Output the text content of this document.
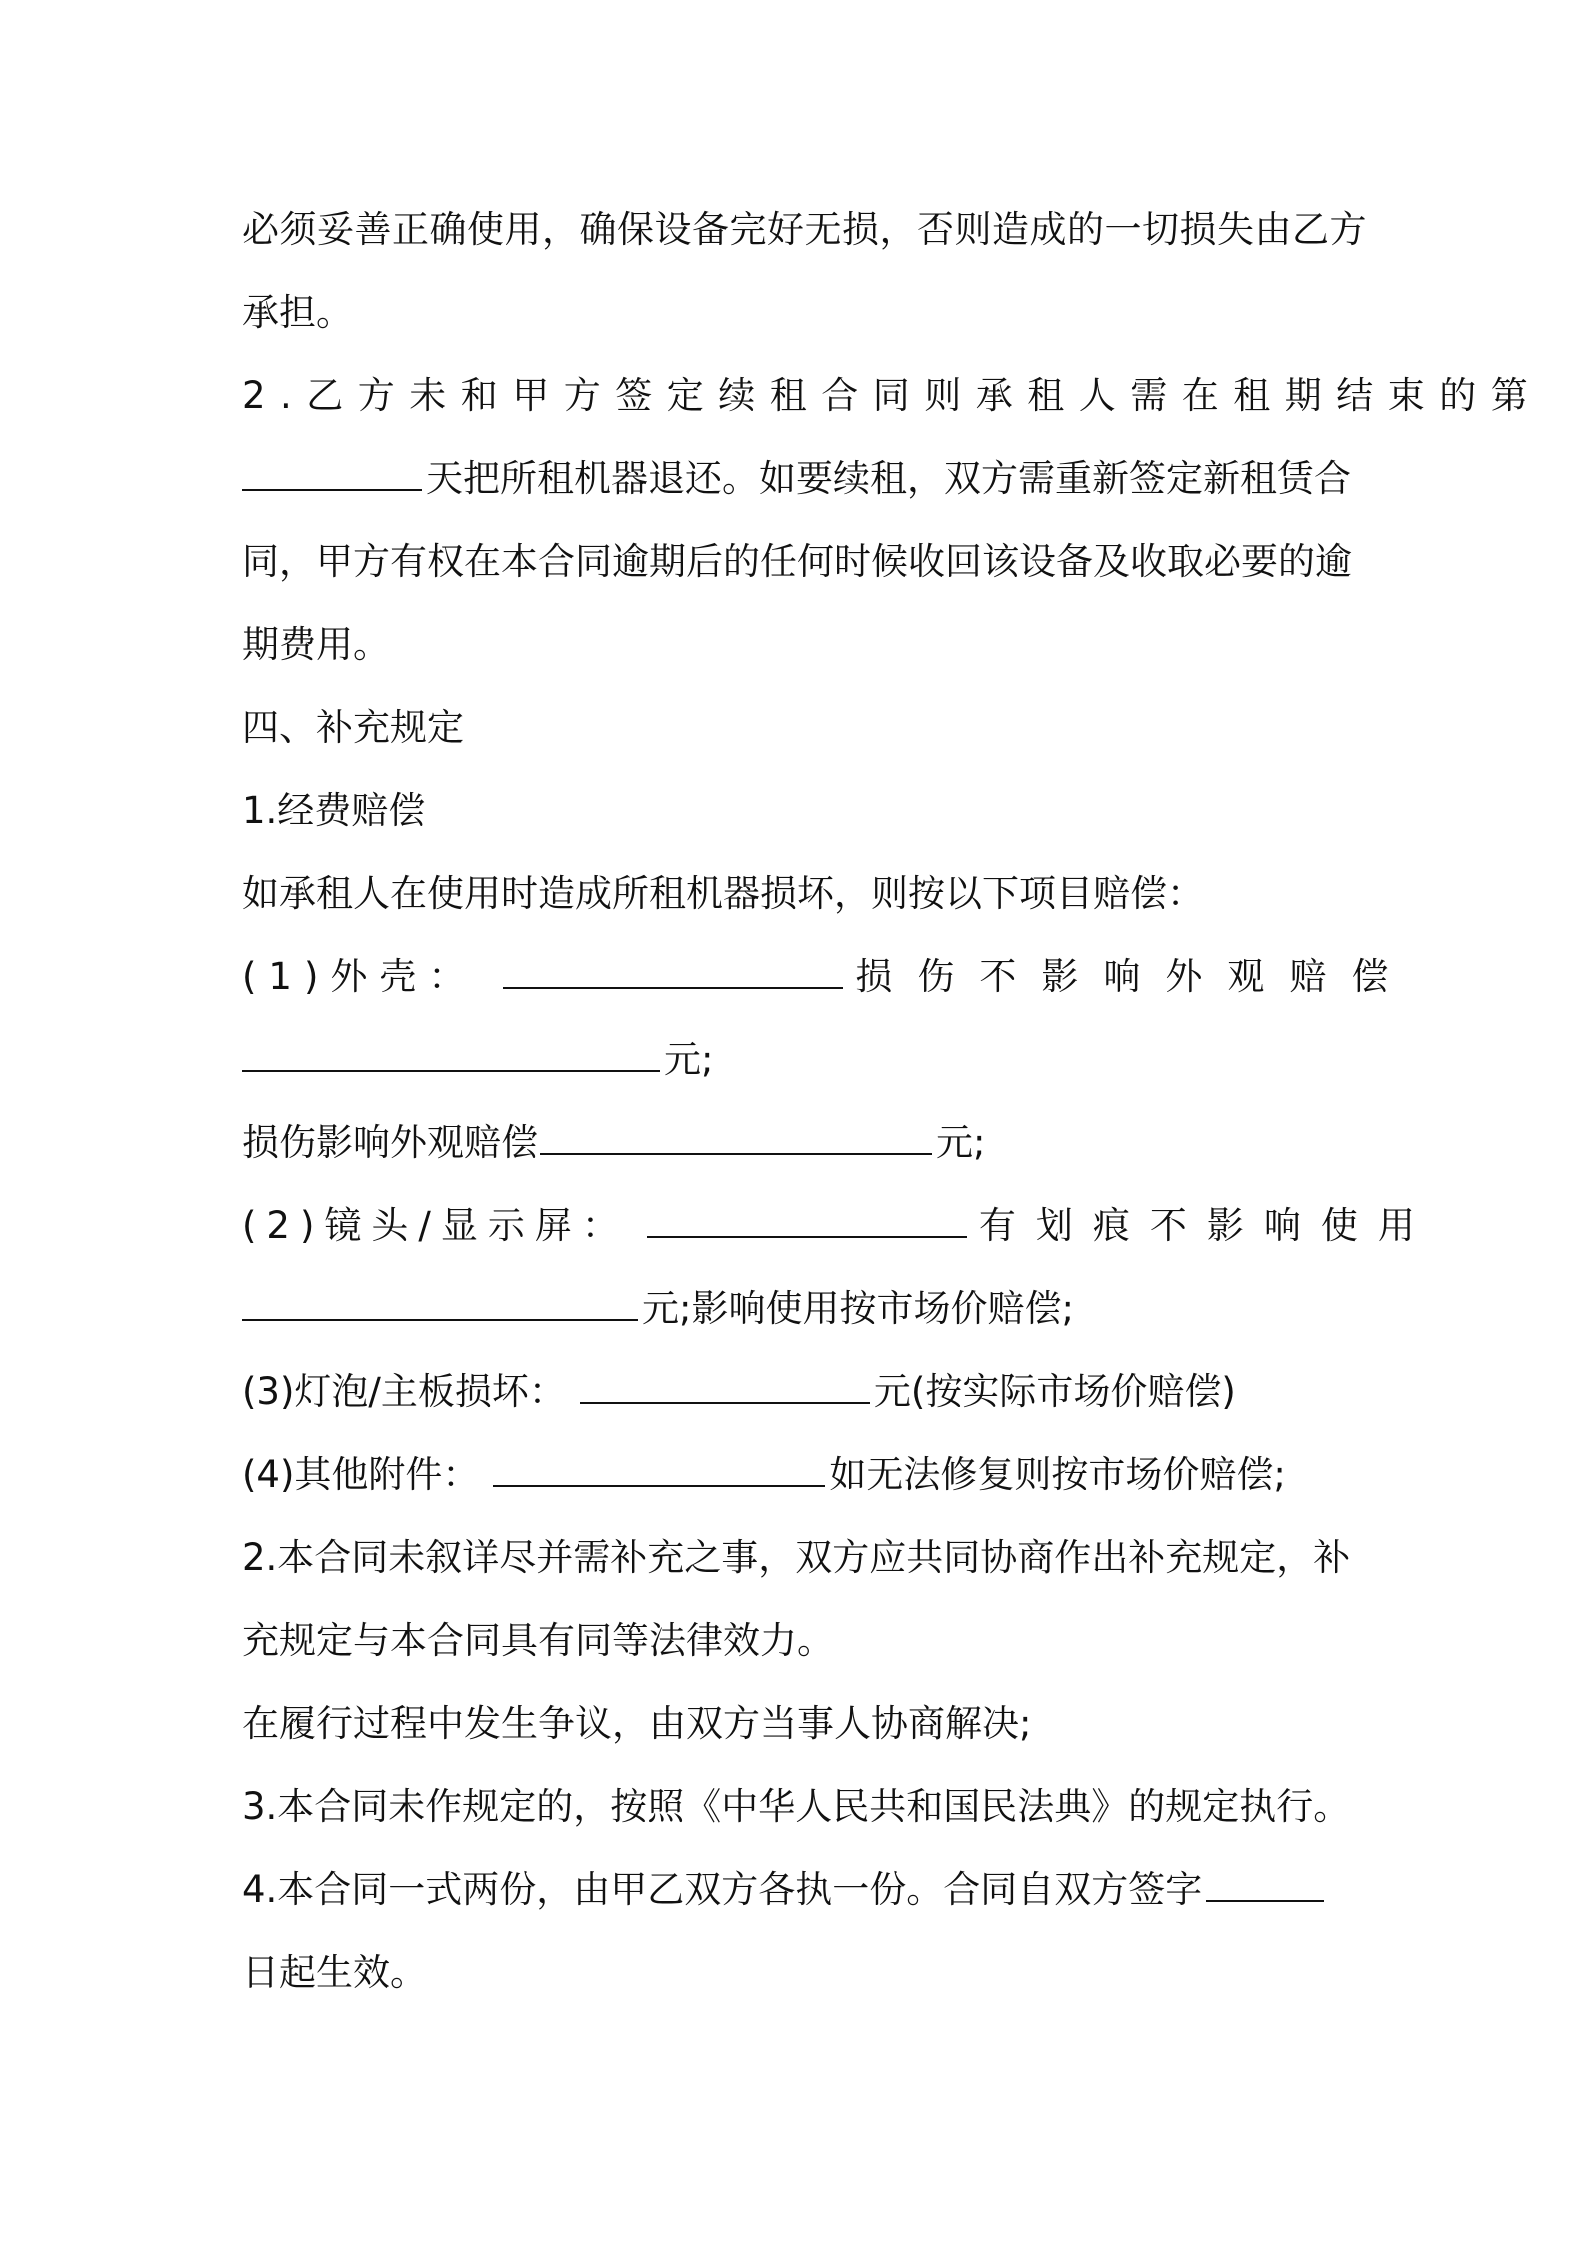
必须妥善正确使用，确保设备完好无损，否则造成的一切损失由乙方
承担。
2.乙方未和甲方签定续租合同则承租人需在租期结束的第
天把所租机器退还。如要续租，双方需重新签定新租赁合
同，甲方有权在本合同逾期后的任何时候收回该设备及收取必要的逾
期费用。
四、补充规定
1.经费赔偿
如承租人在使用时造成所租机器损坏，则按以下项目赔偿：
(1)外壳：	损伤不影响外观赔偿
元;
损伤影响外观赔偿	元;
(2)镜头/显示屏：	有划痕不影响使用
元;影响使用按市场价赔偿;
(3)灯泡/主板损坏：	元(按实际市场价赔偿)
(4)其他附件：	如无法修复则按市场价赔偿;
2.本合同未叙详尽并需补充之事，双方应共同协商作出补充规定，补
充规定与本合同具有同等法律效力。
在履行过程中发生争议，由双方当事人协商解决;
3.本合同未作规定的，按照《中华人民共和国民法典》的规定执行。
4.本合同一式两份，由甲乙双方各执一份。合同自双方签字
日起生效。
